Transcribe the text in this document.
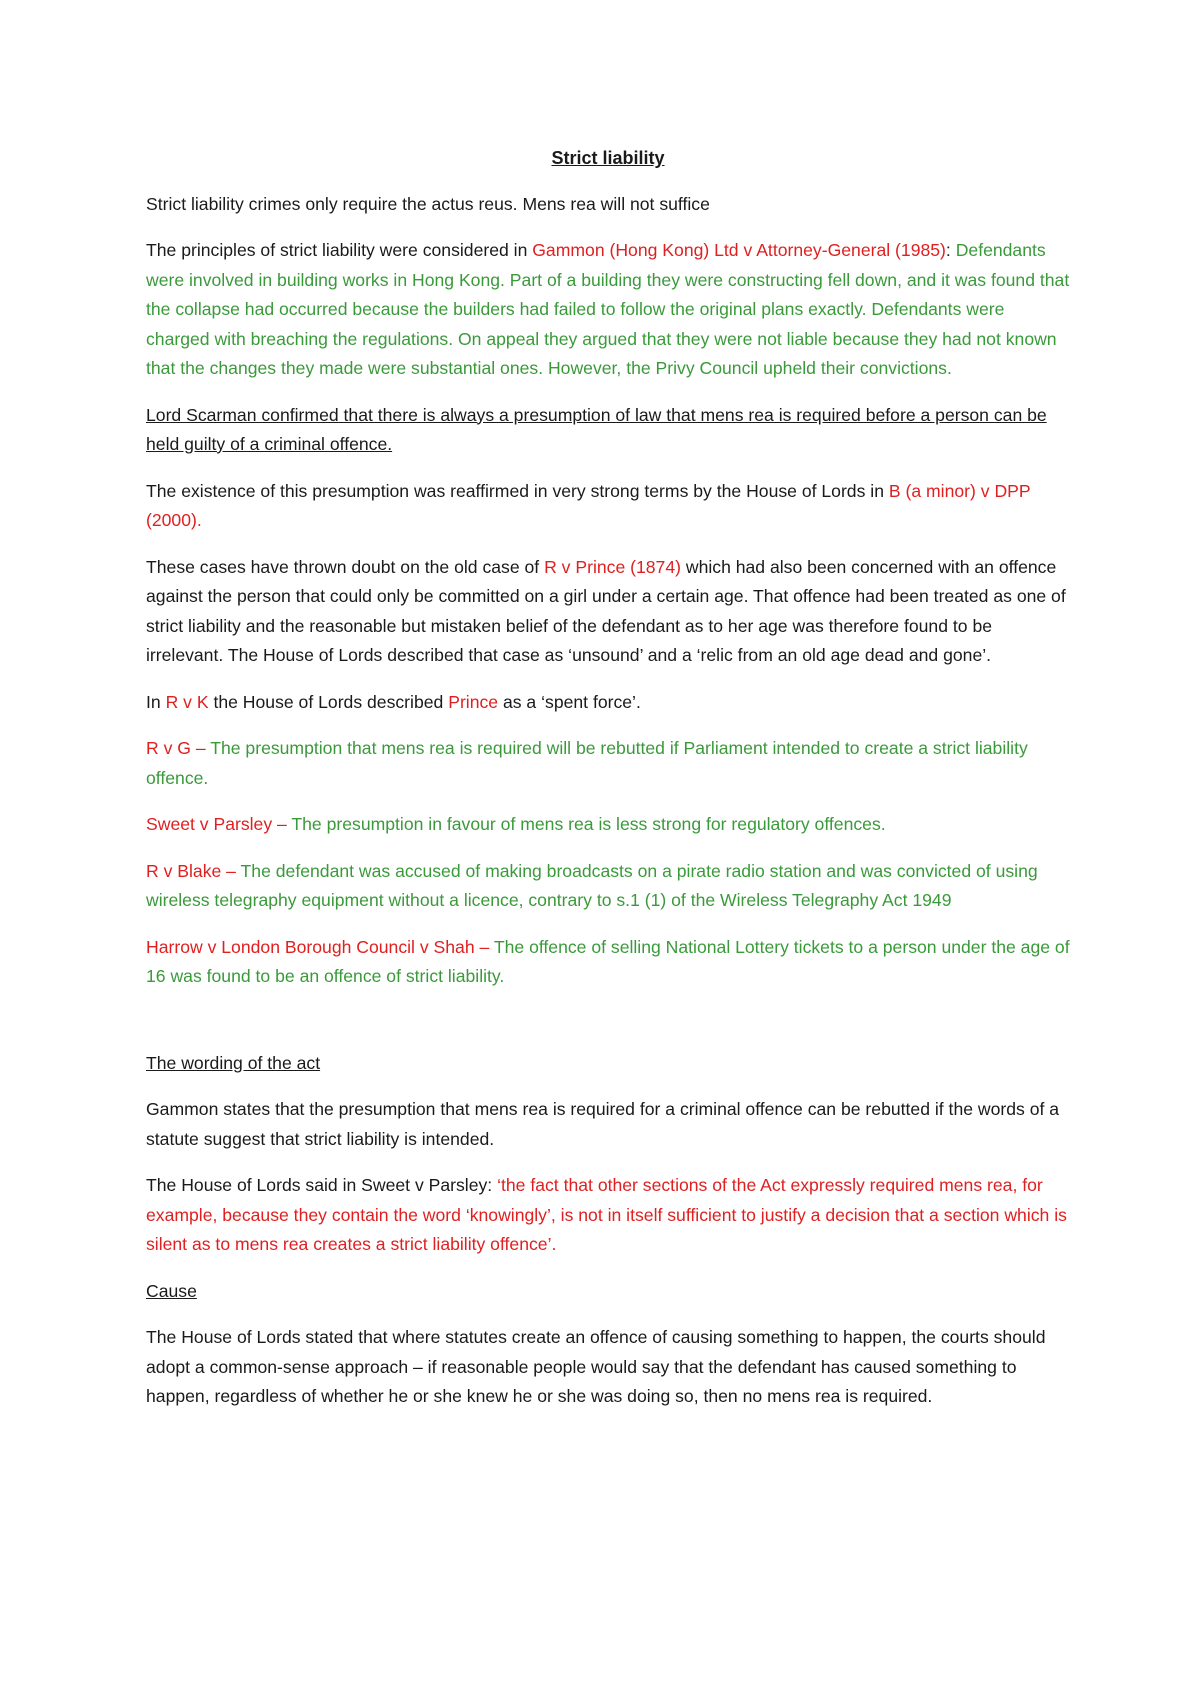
Strict liability

Strict liability crimes only require the actus reus. Mens rea will not suffice

The principles of strict liability were considered in Gammon (Hong Kong) Ltd v Attorney-General (1985): Defendants were involved in building works in Hong Kong. Part of a building they were constructing fell down, and it was found that the collapse had occurred because the builders had failed to follow the original plans exactly. Defendants were charged with breaching the regulations. On appeal they argued that they were not liable because they had not known that the changes they made were substantial ones. However, the Privy Council upheld their convictions.

Lord Scarman confirmed that there is always a presumption of law that mens rea is required before a person can be held guilty of a criminal offence.

The existence of this presumption was reaffirmed in very strong terms by the House of Lords in B (a minor) v DPP (2000).

These cases have thrown doubt on the old case of R v Prince (1874) which had also been concerned with an offence against the person that could only be committed on a girl under a certain age. That offence had been treated as one of strict liability and the reasonable but mistaken belief of the defendant as to her age was therefore found to be irrelevant. The House of Lords described that case as ‘unsound’ and a ‘relic from an old age dead and gone’.

In R v K the House of Lords described Prince as a ‘spent force’.

R v G – The presumption that mens rea is required will be rebutted if Parliament intended to create a strict liability offence.

Sweet v Parsley – The presumption in favour of mens rea is less strong for regulatory offences.

R v Blake – The defendant was accused of making broadcasts on a pirate radio station and was convicted of using wireless telegraphy equipment without a licence, contrary to s.1 (1) of the Wireless Telegraphy Act 1949

Harrow v London Borough Council v Shah – The offence of selling National Lottery tickets to a person under the age of 16 was found to be an offence of strict liability.

The wording of the act

Gammon states that the presumption that mens rea is required for a criminal offence can be rebutted if the words of a statute suggest that strict liability is intended.

The House of Lords said in Sweet v Parsley: ‘the fact that other sections of the Act expressly required mens rea, for example, because they contain the word ‘knowingly’, is not in itself sufficient to justify a decision that a section which is silent as to mens rea creates a strict liability offence’.

Cause

The House of Lords stated that where statutes create an offence of causing something to happen, the courts should adopt a common-sense approach – if reasonable people would say that the defendant has caused something to happen, regardless of whether he or she knew he or she was doing so, then no mens rea is required.
